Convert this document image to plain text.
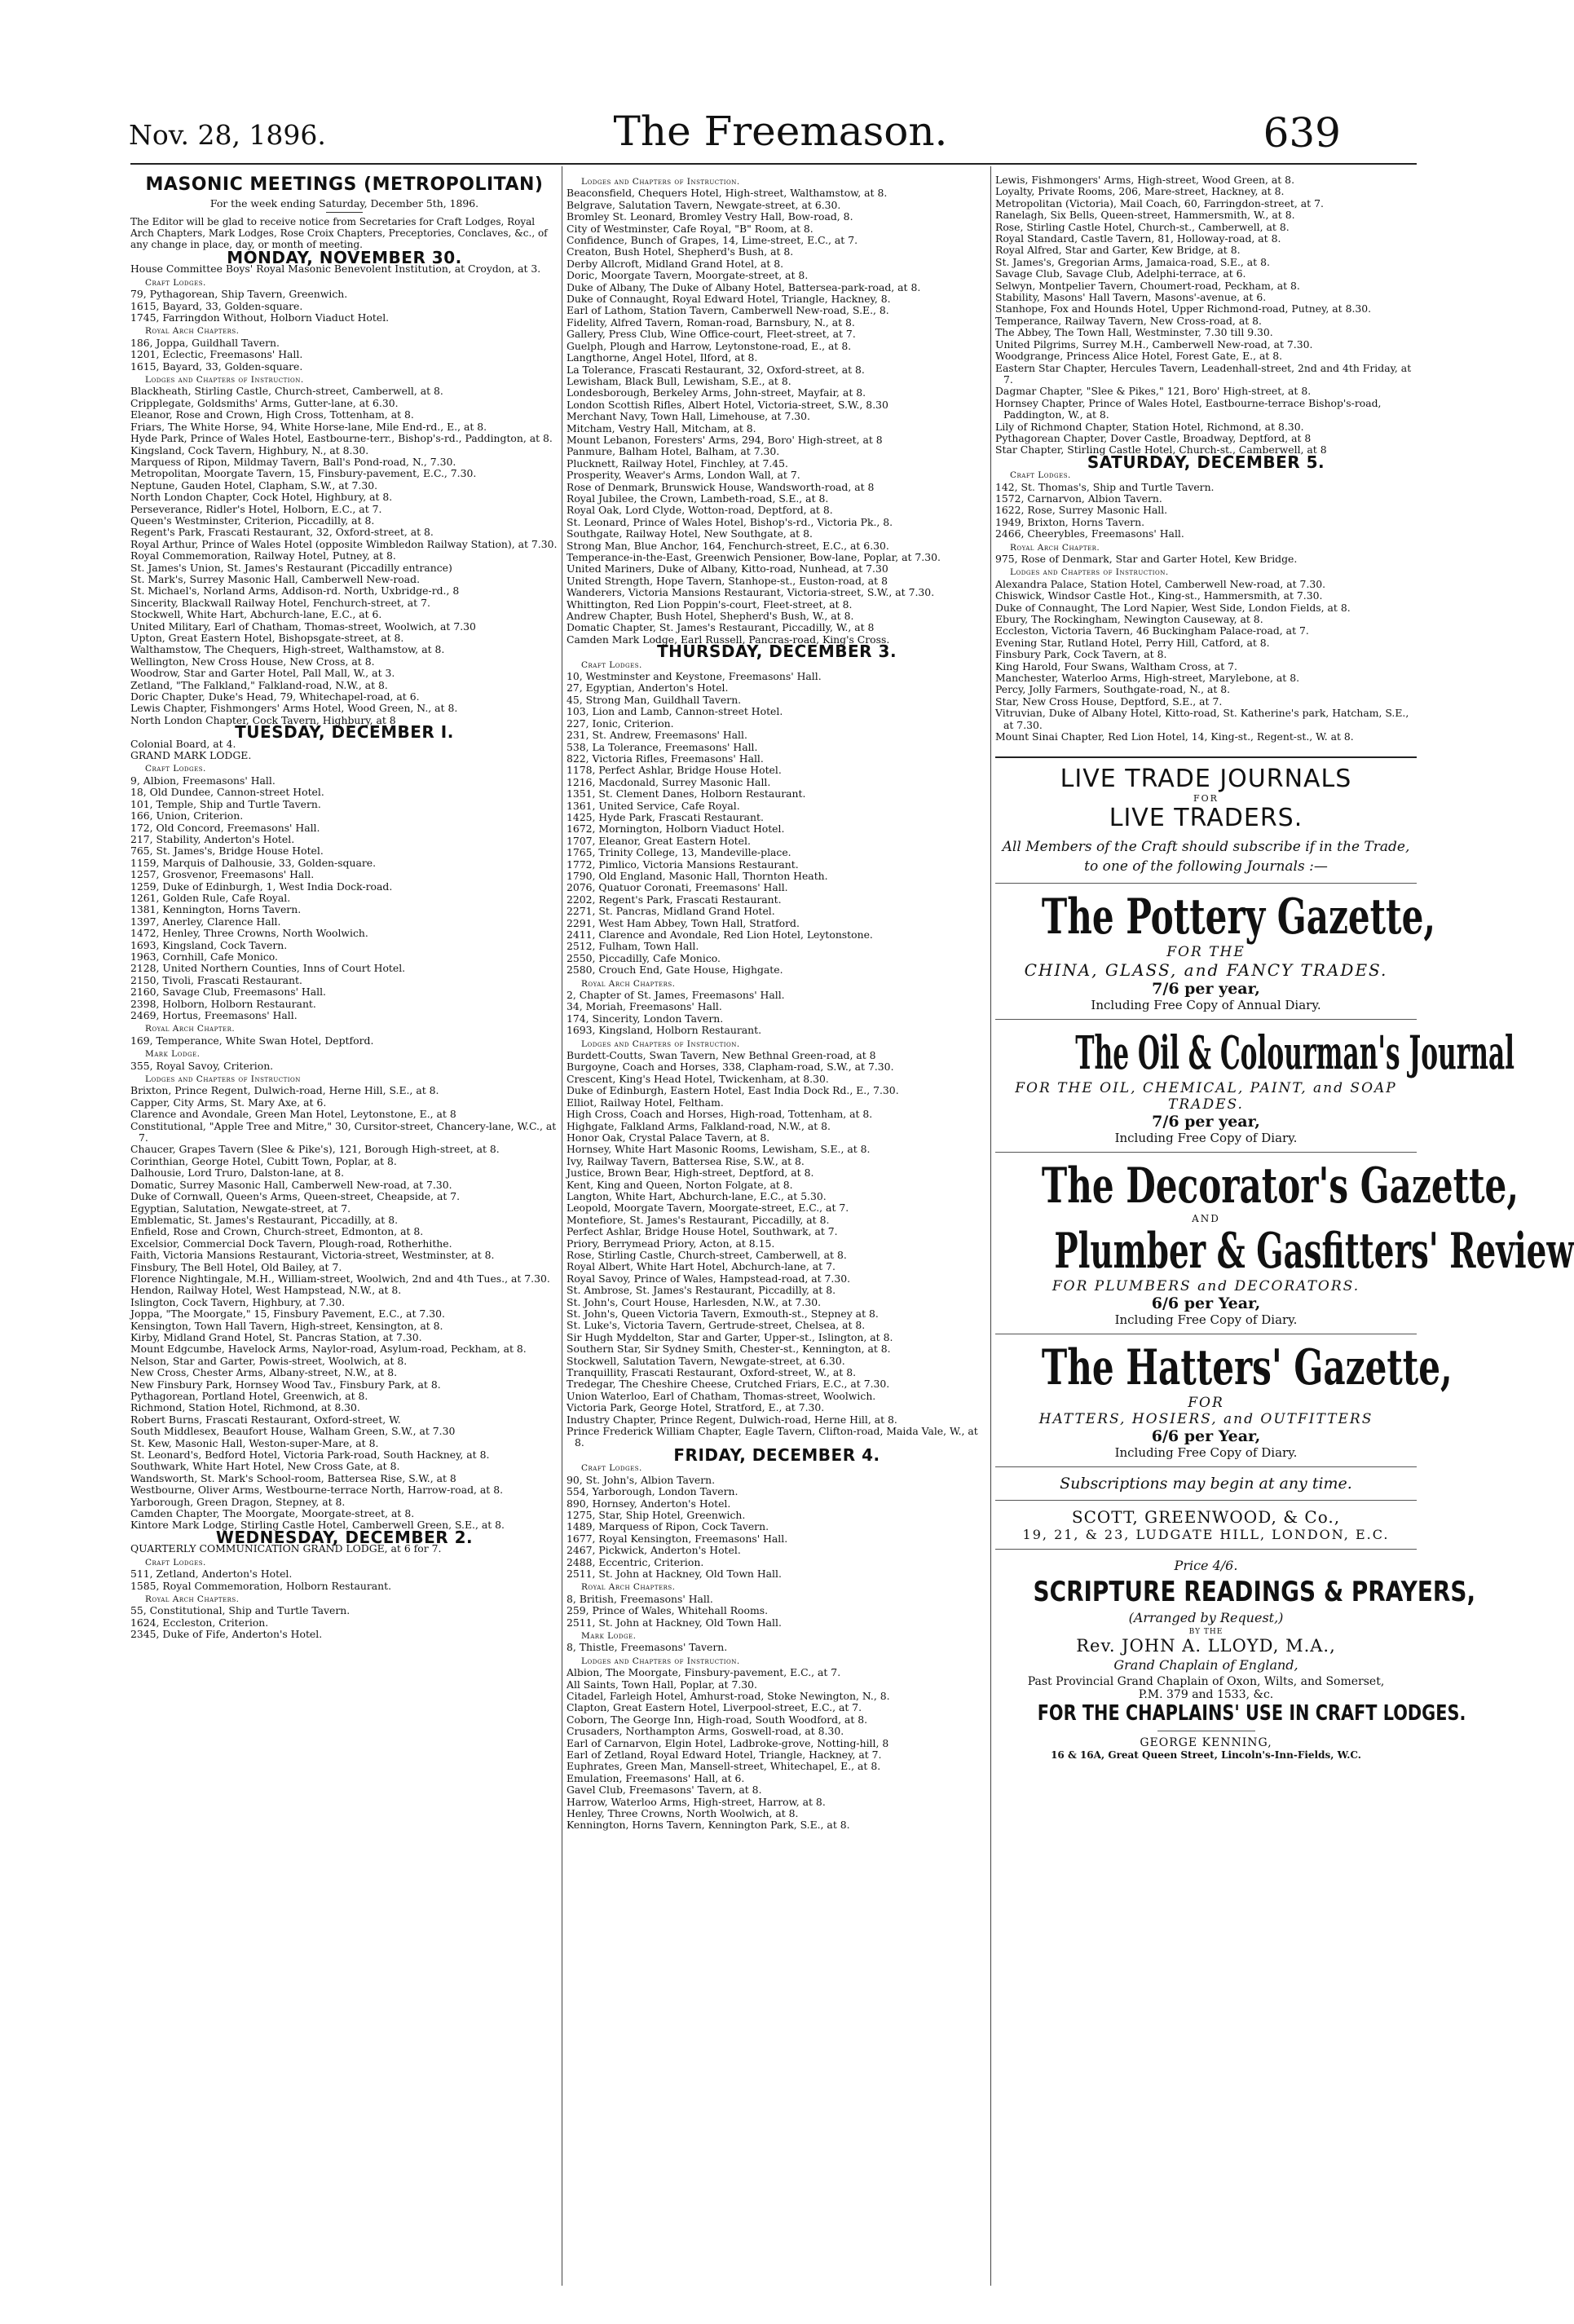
Nov. 28, 1896.	The Freemason.	639
MASONIC MEETINGS (METROPOLITAN)
For the week ending Saturday, December 5th, 1896.
The Editor will be glad to receive notice from Secretaries for Craft Lodges, Royal Arch Chapters, Mark Lodges, Rose Croix Chapters, Preceptories, Conclaves, &c., of any change in place, day, or month of meeting.
MONDAY, NOVEMBER 30.
House Committee Boys' Royal Masonic Benevolent Institution, at Croydon, at 3.
Craft Lodges.
79, Pythagorean, Ship Tavern, Greenwich.
1615, Bayard, 33, Golden-square.
1745, Farringdon Without, Holborn Viaduct Hotel.
Royal Arch Chapters.
186, Joppa, Guildhall Tavern.
1201, Eclectic, Freemasons' Hall.
1615, Bayard, 33, Golden-square.
Lodges and Chapters of Instruction.
Blackheath, Stirling Castle, Church-street, Camberwell, at 8.
Cripplegate, Goldsmiths' Arms, Gutter-lane, at 6.30.
Eleanor, Rose and Crown, High Cross, Tottenham, at 8.
Friars, The White Horse, 94, White Horse-lane, Mile End-rd., E., at 8.
Hyde Park, Prince of Wales Hotel, Eastbourne-terr., Bishop's-rd., Paddington, at 8.
Kingsland, Cock Tavern, Highbury, N., at 8.30.
Marquess of Ripon, Mildmay Tavern, Ball's Pond-road, N., 7.30.
Metropolitan, Moorgate Tavern, 15, Finsbury-pavement, E.C., 7.30.
Neptune, Gauden Hotel, Clapham, S.W., at 7.30.
North London Chapter, Cock Hotel, Highbury, at 8.
Perseverance, Ridler's Hotel, Holborn, E.C., at 7.
Queen's Westminster, Criterion, Piccadilly, at 8.
Regent's Park, Frascati Restaurant, 32, Oxford-street, at 8.
Royal Arthur, Prince of Wales Hotel (opposite Wimbledon Railway Station), at 7.30.
Royal Commemoration, Railway Hotel, Putney, at 8.
St. James's Union, St. James's Restaurant (Piccadilly entrance)
St. Mark's, Surrey Masonic Hall, Camberwell New-road.
St. Michael's, Norland Arms, Addison-rd. North, Uxbridge-rd., 8
Sincerity, Blackwall Railway Hotel, Fenchurch-street, at 7.
Stockwell, White Hart, Abchurch-lane, E.C., at 6.
United Military, Earl of Chatham, Thomas-street, Woolwich, at 7.30
Upton, Great Eastern Hotel, Bishopsgate-street, at 8.
Walthamstow, The Chequers, High-street, Walthamstow, at 8.
Wellington, New Cross House, New Cross, at 8.
Woodrow, Star and Garter Hotel, Pall Mall, W., at 3.
Zetland, "The Falkland," Falkland-road, N.W., at 8.
Doric Chapter, Duke's Head, 79, Whitechapel-road, at 6.
Lewis Chapter, Fishmongers' Arms Hotel, Wood Green, N., at 8.
North London Chapter, Cock Tavern, Highbury, at 8
TUESDAY, DECEMBER I.
Colonial Board, at 4.
GRAND MARK LODGE.
Craft Lodges.
9, Albion, Freemasons' Hall.
18, Old Dundee, Cannon-street Hotel.
101, Temple, Ship and Turtle Tavern.
166, Union, Criterion.
172, Old Concord, Freemasons' Hall.
217, Stability, Anderton's Hotel.
765, St. James's, Bridge House Hotel.
1159, Marquis of Dalhousie, 33, Golden-square.
1257, Grosvenor, Freemasons' Hall.
1259, Duke of Edinburgh, 1, West India Dock-road.
1261, Golden Rule, Cafe Royal.
1381, Kennington, Horns Tavern.
1397, Anerley, Clarence Hall.
1472, Henley, Three Crowns, North Woolwich.
1693, Kingsland, Cock Tavern.
1963, Cornhill, Cafe Monico.
2128, United Northern Counties, Inns of Court Hotel.
2150, Tivoli, Frascati Restaurant.
2160, Savage Club, Freemasons' Hall.
2398, Holborn, Holborn Restaurant.
2469, Hortus, Freemasons' Hall.
Royal Arch Chapter.
169, Temperance, White Swan Hotel, Deptford.
Mark Lodge.
355, Royal Savoy, Criterion.
Lodges and Chapters of Instruction
Brixton, Prince Regent, Dulwich-road, Herne Hill, S.E., at 8.
Capper, City Arms, St. Mary Axe, at 6.
Clarence and Avondale, Green Man Hotel, Leytonstone, E., at 8
Constitutional, "Apple Tree and Mitre," 30, Cursitor-street, Chancery-lane, W.C., at 7.
Chaucer, Grapes Tavern (Slee & Pike's), 121, Borough High-street, at 8.
Corinthian, George Hotel, Cubitt Town, Poplar, at 8.
Dalhousie, Lord Truro, Dalston-lane, at 8.
Domatic, Surrey Masonic Hall, Camberwell New-road, at 7.30.
Duke of Cornwall, Queen's Arms, Queen-street, Cheapside, at 7.
Egyptian, Salutation, Newgate-street, at 7.
Emblematic, St. James's Restaurant, Piccadilly, at 8.
Enfield, Rose and Crown, Church-street, Edmonton, at 8.
Excelsior, Commercial Dock Tavern, Plough-road, Rotherhithe.
Faith, Victoria Mansions Restaurant, Victoria-street, Westminster, at 8.
Finsbury, The Bell Hotel, Old Bailey, at 7.
Florence Nightingale, M.H., William-street, Woolwich, 2nd and 4th Tues., at 7.30.
Hendon, Railway Hotel, West Hampstead, N.W., at 8.
Islington, Cock Tavern, Highbury, at 7.30.
Joppa, "The Moorgate," 15, Finsbury Pavement, E.C., at 7.30.
Kensington, Town Hall Tavern, High-street, Kensington, at 8.
Kirby, Midland Grand Hotel, St. Pancras Station, at 7.30.
Mount Edgcumbe, Havelock Arms, Naylor-road, Asylum-road, Peckham, at 8.
Nelson, Star and Garter, Powis-street, Woolwich, at 8.
New Cross, Chester Arms, Albany-street, N.W., at 8.
New Finsbury Park, Hornsey Wood Tav., Finsbury Park, at 8.
Pythagorean, Portland Hotel, Greenwich, at 8.
Richmond, Station Hotel, Richmond, at 8.30.
Robert Burns, Frascati Restaurant, Oxford-street, W.
South Middlesex, Beaufort House, Walham Green, S.W., at 7.30
St. Kew, Masonic Hall, Weston-super-Mare, at 8.
St. Leonard's, Bedford Hotel, Victoria Park-road, South Hackney, at 8.
Southwark, White Hart Hotel, New Cross Gate, at 8.
Wandsworth, St. Mark's School-room, Battersea Rise, S.W., at 8
Westbourne, Oliver Arms, Westbourne-terrace North, Harrow-road, at 8.
Yarborough, Green Dragon, Stepney, at 8.
Camden Chapter, The Moorgate, Moorgate-street, at 8.
Kintore Mark Lodge, Stirling Castle Hotel, Camberwell Green, S.E., at 8.
WEDNESDAY, DECEMBER 2.
QUARTERLY COMMUNICATION GRAND LODGE, at 6 for 7.
Craft Lodges.
511, Zetland, Anderton's Hotel.
1585, Royal Commemoration, Holborn Restaurant.
Royal Arch Chapters.
55, Constitutional, Ship and Turtle Tavern.
1624, Eccleston, Criterion.
2345, Duke of Fife, Anderton's Hotel.
Lodges and Chapters of Instruction.
Beaconsfield, Chequers Hotel, High-street, Walthamstow, at 8.
Belgrave, Salutation Tavern, Newgate-street, at 6.30.
Bromley St. Leonard, Bromley Vestry Hall, Bow-road, 8.
City of Westminster, Cafe Royal, "B" Room, at 8.
Confidence, Bunch of Grapes, 14, Lime-street, E.C., at 7.
Creaton, Bush Hotel, Shepherd's Bush, at 8.
Derby Allcroft, Midland Grand Hotel, at 8.
Doric, Moorgate Tavern, Moorgate-street, at 8.
Duke of Albany, The Duke of Albany Hotel, Battersea-park-road, at 8.
Duke of Connaught, Royal Edward Hotel, Triangle, Hackney, 8.
Earl of Lathom, Station Tavern, Camberwell New-road, S.E., 8.
Fidelity, Alfred Tavern, Roman-road, Barnsbury, N., at 8.
Gallery, Press Club, Wine Office-court, Fleet-street, at 7.
Guelph, Plough and Harrow, Leytonstone-road, E., at 8.
Langthorne, Angel Hotel, Ilford, at 8.
La Tolerance, Frascati Restaurant, 32, Oxford-street, at 8.
Lewisham, Black Bull, Lewisham, S.E., at 8.
Londesborough, Berkeley Arms, John-street, Mayfair, at 8.
London Scottish Rifles, Albert Hotel, Victoria-street, S.W., 8.30
Merchant Navy, Town Hall, Limehouse, at 7.30.
Mitcham, Vestry Hall, Mitcham, at 8.
Mount Lebanon, Foresters' Arms, 294, Boro' High-street, at 8
Panmure, Balham Hotel, Balham, at 7.30.
Plucknett, Railway Hotel, Finchley, at 7.45.
Prosperity, Weaver's Arms, London Wall, at 7.
Rose of Denmark, Brunswick House, Wandsworth-road, at 8
Royal Jubilee, the Crown, Lambeth-road, S.E., at 8.
Royal Oak, Lord Clyde, Wotton-road, Deptford, at 8.
St. Leonard, Prince of Wales Hotel, Bishop's-rd., Victoria Pk., 8.
Southgate, Railway Hotel, New Southgate, at 8.
Strong Man, Blue Anchor, 164, Fenchurch-street, E.C., at 6.30.
Temperance-in-the-East, Greenwich Pensioner, Bow-lane, Poplar, at 7.30.
United Mariners, Duke of Albany, Kitto-road, Nunhead, at 7.30
United Strength, Hope Tavern, Stanhope-st., Euston-road, at 8
Wanderers, Victoria Mansions Restaurant, Victoria-street, S.W., at 7.30.
Whittington, Red Lion Poppin's-court, Fleet-street, at 8.
Andrew Chapter, Bush Hotel, Shepherd's Bush, W., at 8.
Domatic Chapter, St. James's Restaurant, Piccadilly, W., at 8
Camden Mark Lodge, Earl Russell, Pancras-road, King's Cross.
THURSDAY, DECEMBER 3.
Craft Lodges.
10, Westminster and Keystone, Freemasons' Hall.
27, Egyptian, Anderton's Hotel.
45, Strong Man, Guildhall Tavern.
103, Lion and Lamb, Cannon-street Hotel.
227, Ionic, Criterion.
231, St. Andrew, Freemasons' Hall.
538, La Tolerance, Freemasons' Hall.
822, Victoria Rifles, Freemasons' Hall.
1178, Perfect Ashlar, Bridge House Hotel.
1216, Macdonald, Surrey Masonic Hall.
1351, St. Clement Danes, Holborn Restaurant.
1361, United Service, Cafe Royal.
1425, Hyde Park, Frascati Restaurant.
1672, Mornington, Holborn Viaduct Hotel.
1707, Eleanor, Great Eastern Hotel.
1765, Trinity College, 13, Mandeville-place.
1772, Pimlico, Victoria Mansions Restaurant.
1790, Old England, Masonic Hall, Thornton Heath.
2076, Quatuor Coronati, Freemasons' Hall.
2202, Regent's Park, Frascati Restaurant.
2271, St. Pancras, Midland Grand Hotel.
2291, West Ham Abbey, Town Hall, Stratford.
2411, Clarence and Avondale, Red Lion Hotel, Leytonstone.
2512, Fulham, Town Hall.
2550, Piccadilly, Cafe Monico.
2580, Crouch End, Gate House, Highgate.
Royal Arch Chapters.
2, Chapter of St. James, Freemasons' Hall.
34, Moriah, Freemasons' Hall.
174, Sincerity, London Tavern.
1693, Kingsland, Holborn Restaurant.
Lodges and Chapters of Instruction.
Burdett-Coutts, Swan Tavern, New Bethnal Green-road, at 8
Burgoyne, Coach and Horses, 338, Clapham-road, S.W., at 7.30.
Crescent, King's Head Hotel, Twickenham, at 8.30.
Duke of Edinburgh, Eastern Hotel, East India Dock Rd., E., 7.30.
Elliot, Railway Hotel, Feltham.
High Cross, Coach and Horses, High-road, Tottenham, at 8.
Highgate, Falkland Arms, Falkland-road, N.W., at 8.
Honor Oak, Crystal Palace Tavern, at 8.
Hornsey, White Hart Masonic Rooms, Lewisham, S.E., at 8.
Ivy, Railway Tavern, Battersea Rise, S.W., at 8.
Justice, Brown Bear, High-street, Deptford, at 8.
Kent, King and Queen, Norton Folgate, at 8.
Langton, White Hart, Abchurch-lane, E.C., at 5.30.
Leopold, Moorgate Tavern, Moorgate-street, E.C., at 7.
Montefiore, St. James's Restaurant, Piccadilly, at 8.
Perfect Ashlar, Bridge House Hotel, Southwark, at 7.
Priory, Berrymead Priory, Acton, at 8.15.
Rose, Stirling Castle, Church-street, Camberwell, at 8.
Royal Albert, White Hart Hotel, Abchurch-lane, at 7.
Royal Savoy, Prince of Wales, Hampstead-road, at 7.30.
St. Ambrose, St. James's Restaurant, Piccadilly, at 8.
St. John's, Court House, Harlesden, N.W., at 7.30.
St. John's, Queen Victoria Tavern, Exmouth-st., Stepney at 8.
St. Luke's, Victoria Tavern, Gertrude-street, Chelsea, at 8.
Sir Hugh Myddelton, Star and Garter, Upper-st., Islington, at 8.
Southern Star, Sir Sydney Smith, Chester-st., Kennington, at 8.
Stockwell, Salutation Tavern, Newgate-street, at 6.30.
Tranquillity, Frascati Restaurant, Oxford-street, W., at 8.
Tredegar, The Cheshire Cheese, Crutched Friars, E.C., at 7.30.
Union Waterloo, Earl of Chatham, Thomas-street, Woolwich.
Victoria Park, George Hotel, Stratford, E., at 7.30.
Industry Chapter, Prince Regent, Dulwich-road, Herne Hill, at 8.
Prince Frederick William Chapter, Eagle Tavern, Clifton-road, Maida Vale, W., at 8.
FRIDAY, DECEMBER 4.
Craft Lodges.
90, St. John's, Albion Tavern.
554, Yarborough, London Tavern.
890, Hornsey, Anderton's Hotel.
1275, Star, Ship Hotel, Greenwich.
1489, Marquess of Ripon, Cock Tavern.
1677, Royal Kensington, Freemasons' Hall.
2467, Pickwick, Anderton's Hotel.
2488, Eccentric, Criterion.
2511, St. John at Hackney, Old Town Hall.
Royal Arch Chapters.
8, British, Freemasons' Hall.
259, Prince of Wales, Whitehall Rooms.
2511, St. John at Hackney, Old Town Hall.
Mark Lodge.
8, Thistle, Freemasons' Tavern.
Lodges and Chapters of Instruction.
Albion, The Moorgate, Finsbury-pavement, E.C., at 7.
All Saints, Town Hall, Poplar, at 7.30.
Citadel, Farleigh Hotel, Amhurst-road, Stoke Newington, N., 8.
Clapton, Great Eastern Hotel, Liverpool-street, E.C., at 7.
Coborn, The George Inn, High-road, South Woodford, at 8.
Crusaders, Northampton Arms, Goswell-road, at 8.30.
Earl of Carnarvon, Elgin Hotel, Ladbroke-grove, Notting-hill, 8
Earl of Zetland, Royal Edward Hotel, Triangle, Hackney, at 7.
Euphrates, Green Man, Mansell-street, Whitechapel, E., at 8.
Emulation, Freemasons' Hall, at 6.
Gavel Club, Freemasons' Tavern, at 8.
Harrow, Waterloo Arms, High-street, Harrow, at 8.
Henley, Three Crowns, North Woolwich, at 8.
Kennington, Horns Tavern, Kennington Park, S.E., at 8.
Lewis, Fishmongers' Arms, High-street, Wood Green, at 8.
Loyalty, Private Rooms, 206, Mare-street, Hackney, at 8.
Metropolitan (Victoria), Mail Coach, 60, Farringdon-street, at 7.
Ranelagh, Six Bells, Queen-street, Hammersmith, W., at 8.
Rose, Stirling Castle Hotel, Church-st., Camberwell, at 8.
Royal Standard, Castle Tavern, 81, Holloway-road, at 8.
Royal Alfred, Star and Garter, Kew Bridge, at 8.
St. James's, Gregorian Arms, Jamaica-road, S.E., at 8.
Savage Club, Savage Club, Adelphi-terrace, at 6.
Selwyn, Montpelier Tavern, Choumert-road, Peckham, at 8.
Stability, Masons' Hall Tavern, Masons'-avenue, at 6.
Stanhope, Fox and Hounds Hotel, Upper Richmond-road, Putney, at 8.30.
Temperance, Railway Tavern, New Cross-road, at 8.
The Abbey, The Town Hall, Westminster, 7.30 till 9.30.
United Pilgrims, Surrey M.H., Camberwell New-road, at 7.30.
Woodgrange, Princess Alice Hotel, Forest Gate, E., at 8.
Eastern Star Chapter, Hercules Tavern, Leadenhall-street, 2nd and 4th Friday, at 7.
Dagmar Chapter, "Slee & Pikes," 121, Boro' High-street, at 8.
Hornsey Chapter, Prince of Wales Hotel, Eastbourne-terrace Bishop's-road, Paddington, W., at 8.
Lily of Richmond Chapter, Station Hotel, Richmond, at 8.30.
Pythagorean Chapter, Dover Castle, Broadway, Deptford, at 8
Star Chapter, Stirling Castle Hotel, Church-st., Camberwell, at 8
SATURDAY, DECEMBER 5.
Craft Lodges.
142, St. Thomas's, Ship and Turtle Tavern.
1572, Carnarvon, Albion Tavern.
1622, Rose, Surrey Masonic Hall.
1949, Brixton, Horns Tavern.
2466, Cheerybles, Freemasons' Hall.
Royal Arch Chapter.
975, Rose of Denmark, Star and Garter Hotel, Kew Bridge.
Lodges and Chapters of Instruction.
Alexandra Palace, Station Hotel, Camberwell New-road, at 7.30.
Chiswick, Windsor Castle Hot., King-st., Hammersmith, at 7.30.
Duke of Connaught, The Lord Napier, West Side, London Fields, at 8.
Ebury, The Rockingham, Newington Causeway, at 8.
Eccleston, Victoria Tavern, 46 Buckingham Palace-road, at 7.
Evening Star, Rutland Hotel, Perry Hill, Catford, at 8.
Finsbury Park, Cock Tavern, at 8.
King Harold, Four Swans, Waltham Cross, at 7.
Manchester, Waterloo Arms, High-street, Marylebone, at 8.
Percy, Jolly Farmers, Southgate-road, N., at 8.
Star, New Cross House, Deptford, S.E., at 7.
Vitruvian, Duke of Albany Hotel, Kitto-road, St. Katherine's park, Hatcham, S.E., at 7.30.
Mount Sinai Chapter, Red Lion Hotel, 14, King-st., Regent-st., W. at 8.
LIVE TRADE JOURNALS
FOR
LIVE TRADERS.
All Members of the Craft should subscribe if in the Trade, to one of the following Journals :—
The Pottery Gazette,
FOR THE
CHINA, GLASS, and FANCY TRADES.
7/6 per year,
Including Free Copy of Annual Diary.
The Oil & Colourman's Journal
FOR THE OIL, CHEMICAL, PAINT, and SOAP TRADES.
7/6 per year,
Including Free Copy of Diary.
The Decorator's Gazette,
AND
Plumber & Gasfitters' Review
FOR PLUMBERS and DECORATORS.
6/6 per Year,
Including Free Copy of Diary.
The Hatters' Gazette,
FOR
HATTERS, HOSIERS, and OUTFITTERS
6/6 per Year,
Including Free Copy of Diary.
Subscriptions may begin at any time.
SCOTT, GREENWOOD, & Co.,
19, 21, & 23, LUDGATE HILL, LONDON, E.C.
Price 4/6.
SCRIPTURE READINGS & PRAYERS,
(Arranged by Request,)
BY THE
Rev. JOHN A. LLOYD, M.A.,
Grand Chaplain of England,
Past Provincial Grand Chaplain of Oxon, Wilts, and Somerset,
P.M. 379 and 1533, &c.
FOR THE CHAPLAINS' USE IN CRAFT LODGES.
GEORGE KENNING,
16 & 16A, Great Queen Street, Lincoln's-Inn-Fields, W.C.
